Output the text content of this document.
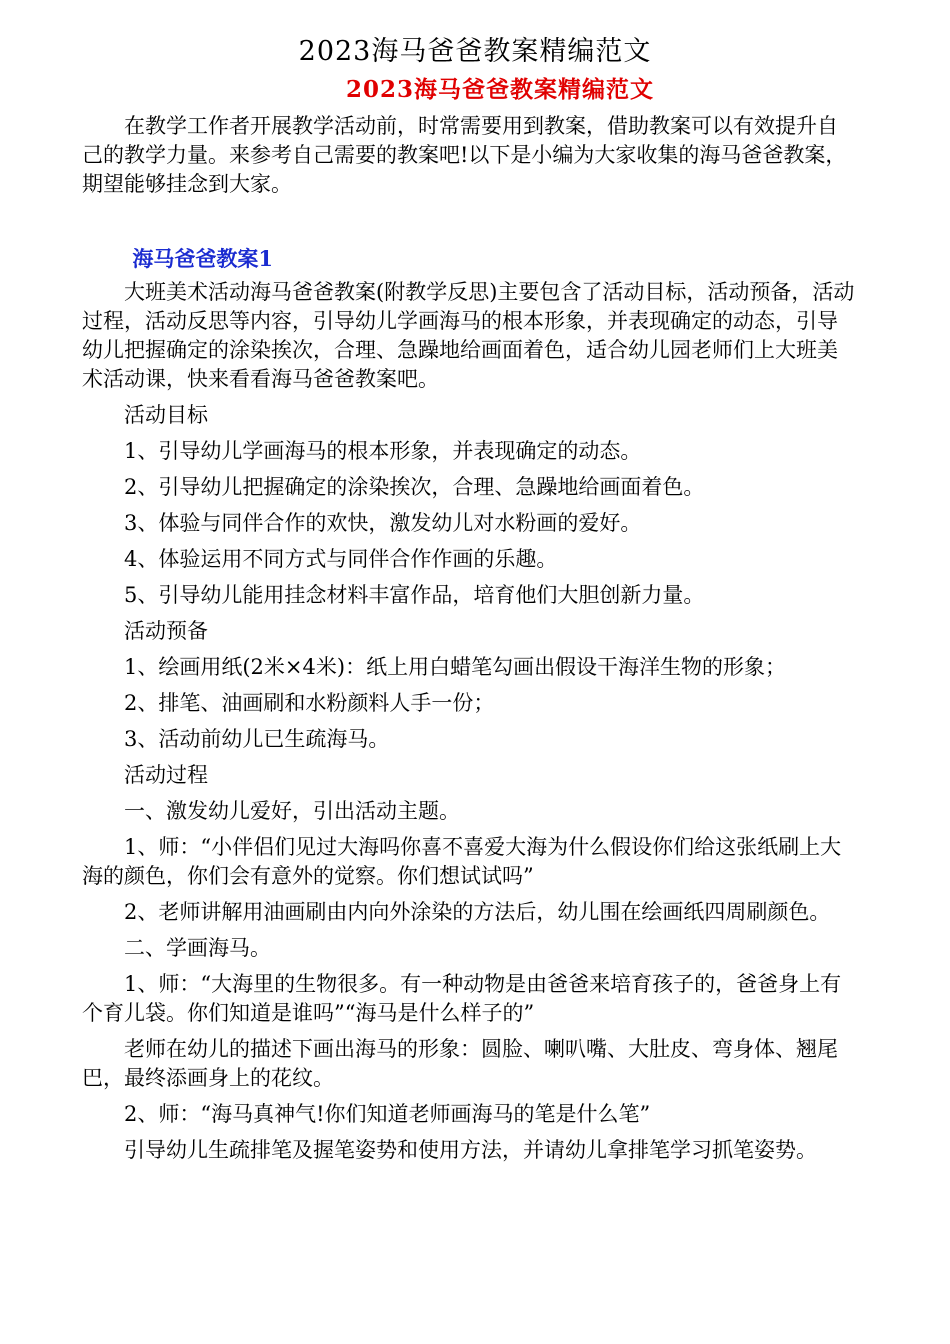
2023海马爸爸教案精编范文
2023海马爸爸教案精编范文

在教学工作者开展教学活动前，时常需要用到教案，借助教案可以有效提升自己的教学力量。来参考自己需要的教案吧!以下是小编为大家收集的海马爸爸教案，期望能够挂念到大家。

海马爸爸教案1

大班美术活动海马爸爸教案(附教学反思)主要包含了活动目标，活动预备，活动过程，活动反思等内容，引导幼儿学画海马的根本形象，并表现确定的动态，引导幼儿把握确定的涂染挨次，合理、急躁地给画面着色，适合幼儿园老师们上大班美术活动课，快来看看海马爸爸教案吧。

活动目标

1、引导幼儿学画海马的根本形象，并表现确定的动态。

2、引导幼儿把握确定的涂染挨次，合理、急躁地给画面着色。

3、体验与同伴合作的欢快，激发幼儿对水粉画的爱好。

4、体验运用不同方式与同伴合作作画的乐趣。

5、引导幼儿能用挂念材料丰富作品，培育他们大胆创新力量。

活动预备

1、绘画用纸(2米×4米)：纸上用白蜡笔勾画出假设干海洋生物的形象；

2、排笔、油画刷和水粉颜料人手一份；

3、活动前幼儿已生疏海马。

活动过程

一、激发幼儿爱好，引出活动主题。

1、师：“小伴侣们见过大海吗你喜不喜爱大海为什么假设你们给这张纸刷上大海的颜色，你们会有意外的觉察。你们想试试吗”

2、老师讲解用油画刷由内向外涂染的方法后，幼儿围在绘画纸四周刷颜色。

二、学画海马。

1、师：“大海里的生物很多。有一种动物是由爸爸来培育孩子的，爸爸身上有个育儿袋。你们知道是谁吗”“海马是什么样子的”

老师在幼儿的描述下画出海马的形象：圆脸、喇叭嘴、大肚皮、弯身体、翘尾巴，最终添画身上的花纹。

2、师：“海马真神气!你们知道老师画海马的笔是什么笔”

引导幼儿生疏排笔及握笔姿势和使用方法，并请幼儿拿排笔学习抓笔姿势。
